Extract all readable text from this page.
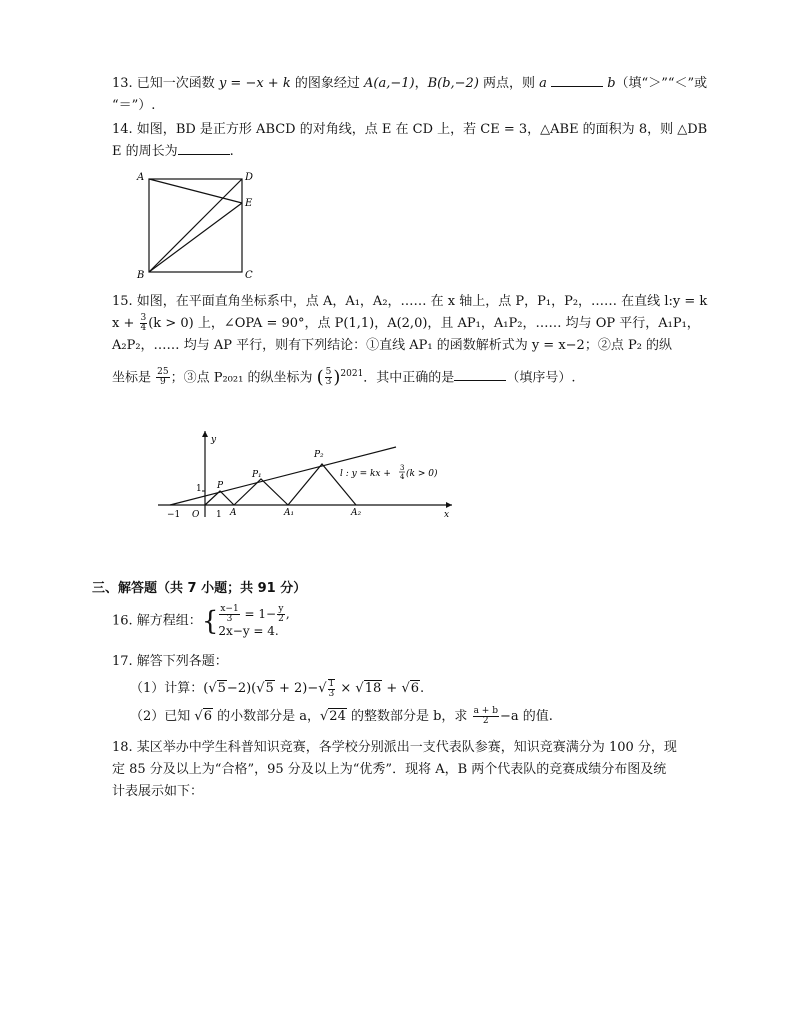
13. 已知一次函数 y = −x + k 的图象经过 A(a,−1)，B(b,−2) 两点，则 a	b（填“＞”“＜”或
“＝”）.
14. 如图，BD 是正方形 ABCD 的对角线，点 E 在 CD 上，若 CE = 3，△ABE 的面积为 8，则 △DB
E 的周长为	.
A	D
E
B	C
15. 如图，在平面直角坐标系中，点 A，A₁，A₂，…… 在 x 轴上，点 P，P₁，P₂，…… 在直线 l:y = k
$x + \frac{3}{4} (k > 0)$ 上，∠OPA = 90°，点 P(1,1)，A(2,0)，且 AP₁，A₁P₂，…… 均与 OP 平行，A₁P₁，
A₂P₂，…… 均与 AP 平行，则有下列结论：①直线 AP₁ 的函数解析式为 y = x−2；②点 P₂ 的纵
坐标是 $\frac{25}{9}$ ；③点 P₂₀₂₁ 的纵坐标为 ( $\frac{5}{3} )^{2021}$．其中正确的是	（填序号）.
y
x
O
−1
1
1 A	A₁	A₂
P
P₁
P₂
l : y = kx +
3
4 (k > 0)
三、解答题（共 7 小题；共 91 分）
16. 解方程组：{ $\frac{x-1}{3} = 1- \frac{y}{2}$ ,
2x−y = 4.
17. 解答下列各题：
（1）计算：$(√5-2)(√5 + 2)-√ \frac{1}{3} \times √18 + √6$.
（2）已知 √6 的小数部分是 a，√24 的整数部分是 b，求 $\frac{a + b}{2} -a$ 的值.
18. 某区举办中学生科普知识竞赛，各学校分别派出一支代表队参赛，知识竞赛满分为 100 分，现
定 85 分及以上为“合格”，95 分及以上为“优秀”．现将 A，B 两个代表队的竞赛成绩分布图及统
计表展示如下：
